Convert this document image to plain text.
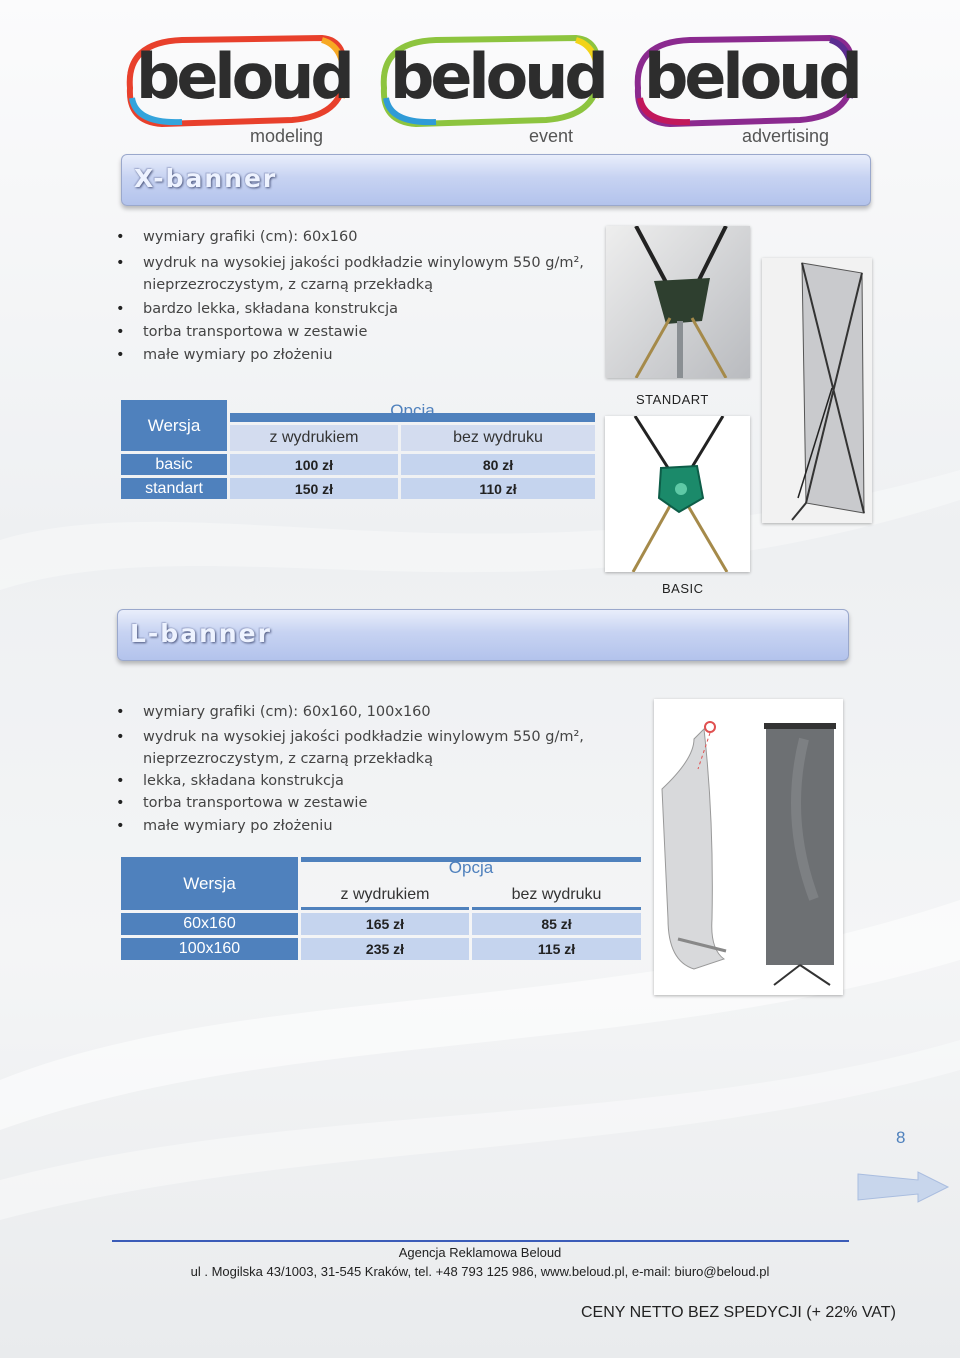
beloud
modeling
beloud
event
beloud
advertising
X-banner
• wymiary grafiki (cm): 60x160
• wydruk na wysokiej jakości podkładzie winylowym 550 g/m², nieprzezroczystym, z czarną przekładką
• bardzo lekka, składana konstrukcja
• torba transportowa w zestawie
• małe wymiary po złożeniu
Wersja	Opcja	
	z wydrukiem	bez wydruku
basic	100 zł	80 zł
standart	150 zł	110 zł
STANDART
BASIC
L-banner
• wymiary grafiki (cm): 60x160, 100x160
• wydruk na wysokiej jakości podkładzie winylowym 550 g/m², nieprzezroczystym, z czarną przekładką
• lekka, składana konstrukcja
• torba transportowa w zestawie
• małe wymiary po złożeniu
Wersja	Opcja	
	z wydrukiem	bez wydruku
60x160	165 zł	85 zł
100x160	235 zł	115 zł
8
Agencja Reklamowa Beloud
ul . Mogilska 43/1003, 31-545 Kraków, tel. +48 793 125 986, www.beloud.pl, e-mail: biuro@beloud.pl
CENY NETTO BEZ SPEDYCJI (+ 22% VAT)
